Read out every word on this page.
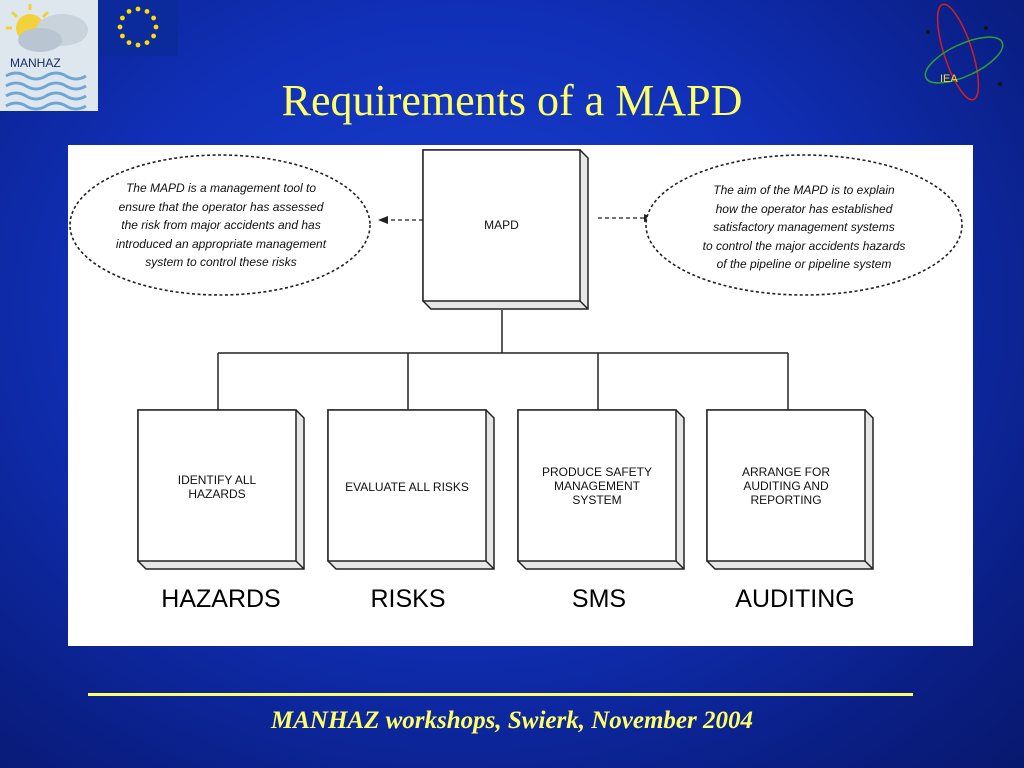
MANHAZ
IEA
Requirements of a MAPD
The MAPD is a management tool to
ensure that the operator has assessed
the risk from major accidents and has
introduced an appropriate management
system to control these risks
The aim of the MAPD is to explain
how the operator has established
satisfactory management systems
to control the major accidents hazards
of the pipeline or pipeline system
MAPD
IDENTIFY ALL
HAZARDS	EVALUATE ALL RISKS
PRODUCE SAFETY
MANAGEMENT
SYSTEM
ARRANGE FOR
AUDITING AND
REPORTING
HAZARDS	RISKS	SMS	AUDITING
MANHAZ workshops, Swierk, November 2004
